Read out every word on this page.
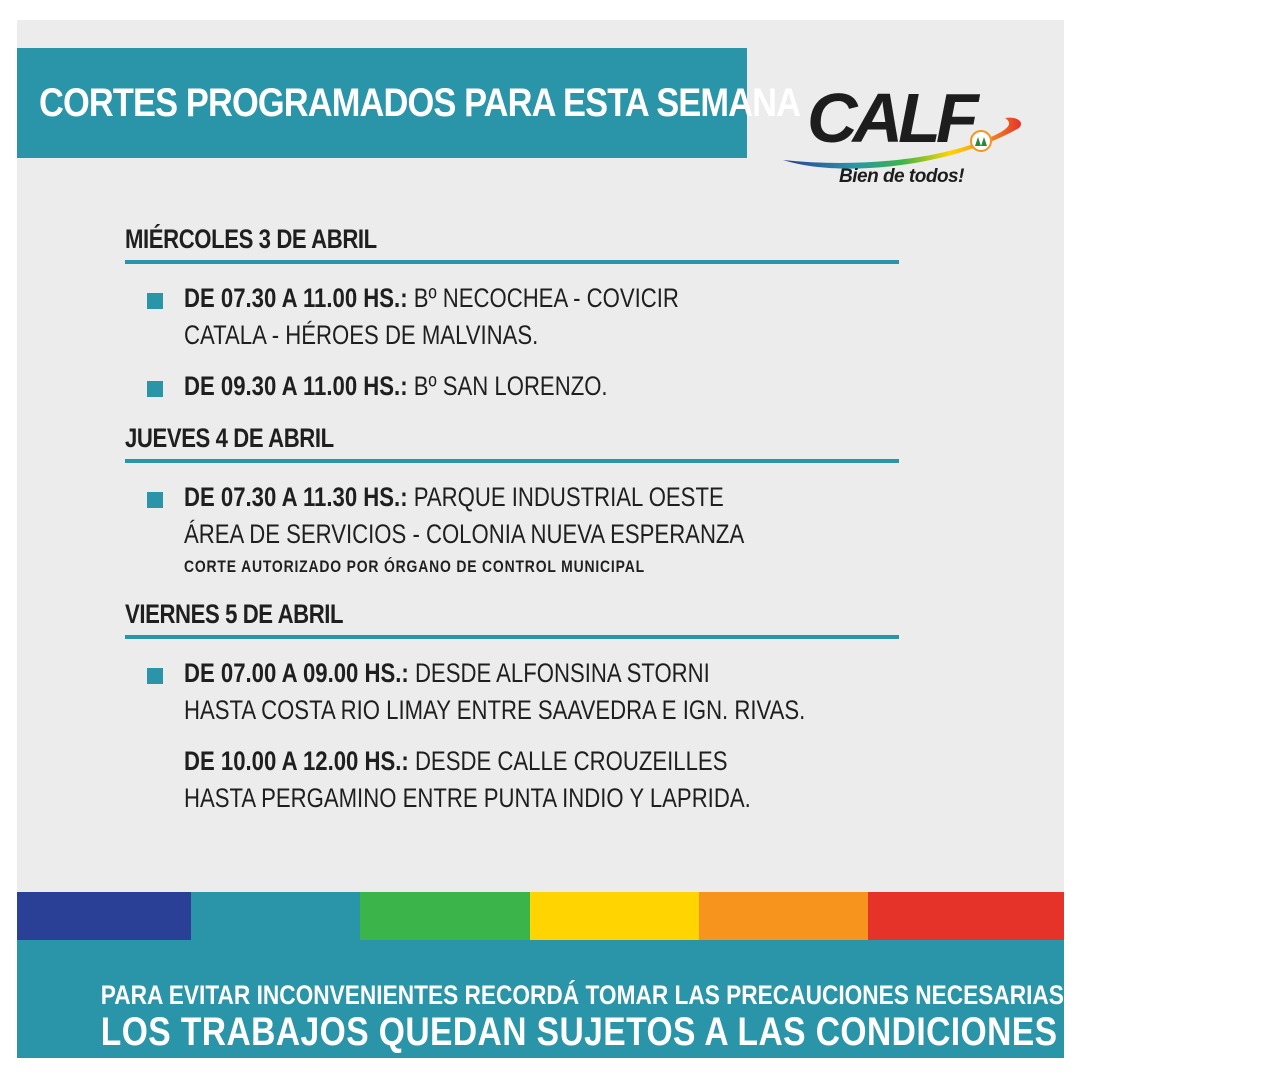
CORTES PROGRAMADOS PARA ESTA SEMANA CALF
Bien de todos!
MIÉRCOLES 3 DE ABRIL
DE 07.30 A 11.00 HS.: Bº NECOCHEA - COVICIR
CATALA - HÉROES DE MALVINAS.
DE 09.30 A 11.00 HS.: Bº SAN LORENZO.
JUEVES 4 DE ABRIL
DE 07.30 A 11.30 HS.: PARQUE INDUSTRIAL OESTE
ÁREA DE SERVICIOS - COLONIA NUEVA ESPERANZA
CORTE AUTORIZADO POR ÓRGANO DE CONTROL MUNICIPAL
VIERNES 5 DE ABRIL
DE 07.00 A 09.00 HS.: DESDE ALFONSINA STORNI
HASTA COSTA RIO LIMAY ENTRE SAAVEDRA E IGN. RIVAS.
DE 10.00 A 12.00 HS.: DESDE CALLE CROUZEILLES
HASTA PERGAMINO ENTRE PUNTA INDIO Y LAPRIDA.
PARA EVITAR INCONVENIENTES RECORDÁ TOMAR LAS PRECAUCIONES NECESARIAS.
LOS TRABAJOS QUEDAN SUJETOS A LAS CONDICIONES CLIMÁTICAS.
